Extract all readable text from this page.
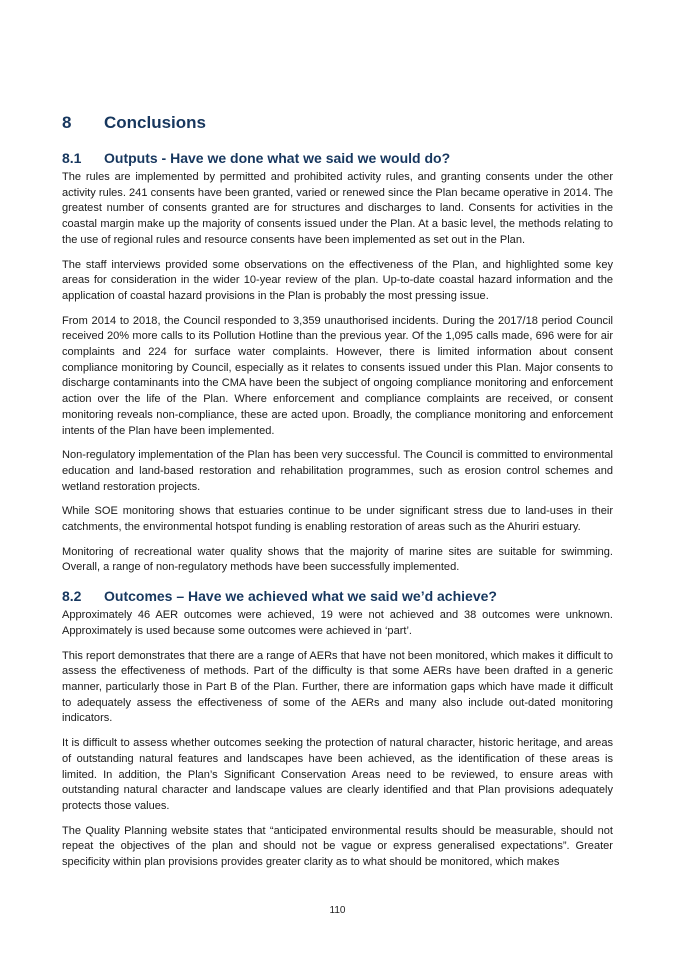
8	Conclusions
8.1	Outputs - Have we done what we said we would do?

The rules are implemented by permitted and prohibited activity rules, and granting consents under the other activity rules. 241 consents have been granted, varied or renewed since the Plan became operative in 2014. The greatest number of consents granted are for structures and discharges to land. Consents for activities in the coastal margin make up the majority of consents issued under the Plan. At a basic level, the methods relating to the use of regional rules and resource consents have been implemented as set out in the Plan.

The staff interviews provided some observations on the effectiveness of the Plan, and highlighted some key areas for consideration in the wider 10-year review of the plan. Up-to-date coastal hazard information and the application of coastal hazard provisions in the Plan is probably the most pressing issue.

From 2014 to 2018, the Council responded to 3,359 unauthorised incidents. During the 2017/18 period Council received 20% more calls to its Pollution Hotline than the previous year. Of the 1,095 calls made, 696 were for air complaints and 224 for surface water complaints. However, there is limited information about consent compliance monitoring by Council, especially as it relates to consents issued under this Plan. Major consents to discharge contaminants into the CMA have been the subject of ongoing compliance monitoring and enforcement action over the life of the Plan. Where enforcement and compliance complaints are received, or consent monitoring reveals non-compliance, these are acted upon. Broadly, the compliance monitoring and enforcement intents of the Plan have been implemented.

Non-regulatory implementation of the Plan has been very successful. The Council is committed to environmental education and land-based restoration and rehabilitation programmes, such as erosion control schemes and wetland restoration projects.

While SOE monitoring shows that estuaries continue to be under significant stress due to land-uses in their catchments, the environmental hotspot funding is enabling restoration of areas such as the Ahuriri estuary.

Monitoring of recreational water quality shows that the majority of marine sites are suitable for swimming. Overall, a range of non-regulatory methods have been successfully implemented.

8.2	Outcomes – Have we achieved what we said we’d achieve?

Approximately 46 AER outcomes were achieved, 19 were not achieved and 38 outcomes were unknown. Approximately is used because some outcomes were achieved in ‘part’.

This report demonstrates that there are a range of AERs that have not been monitored, which makes it difficult to assess the effectiveness of methods. Part of the difficulty is that some AERs have been drafted in a generic manner, particularly those in Part B of the Plan. Further, there are information gaps which have made it difficult to adequately assess the effectiveness of some of the AERs and many also include out-dated monitoring indicators.

It is difficult to assess whether outcomes seeking the protection of natural character, historic heritage, and areas of outstanding natural features and landscapes have been achieved, as the identification of these areas is limited. In addition, the Plan’s Significant Conservation Areas need to be reviewed, to ensure areas with outstanding natural character and landscape values are clearly identified and that Plan provisions adequately protects those values.

The Quality Planning website states that “anticipated environmental results should be measurable, should not repeat the objectives of the plan and should not be vague or express generalised expectations”. Greater specificity within plan provisions provides greater clarity as to what should be monitored, which makes

110
